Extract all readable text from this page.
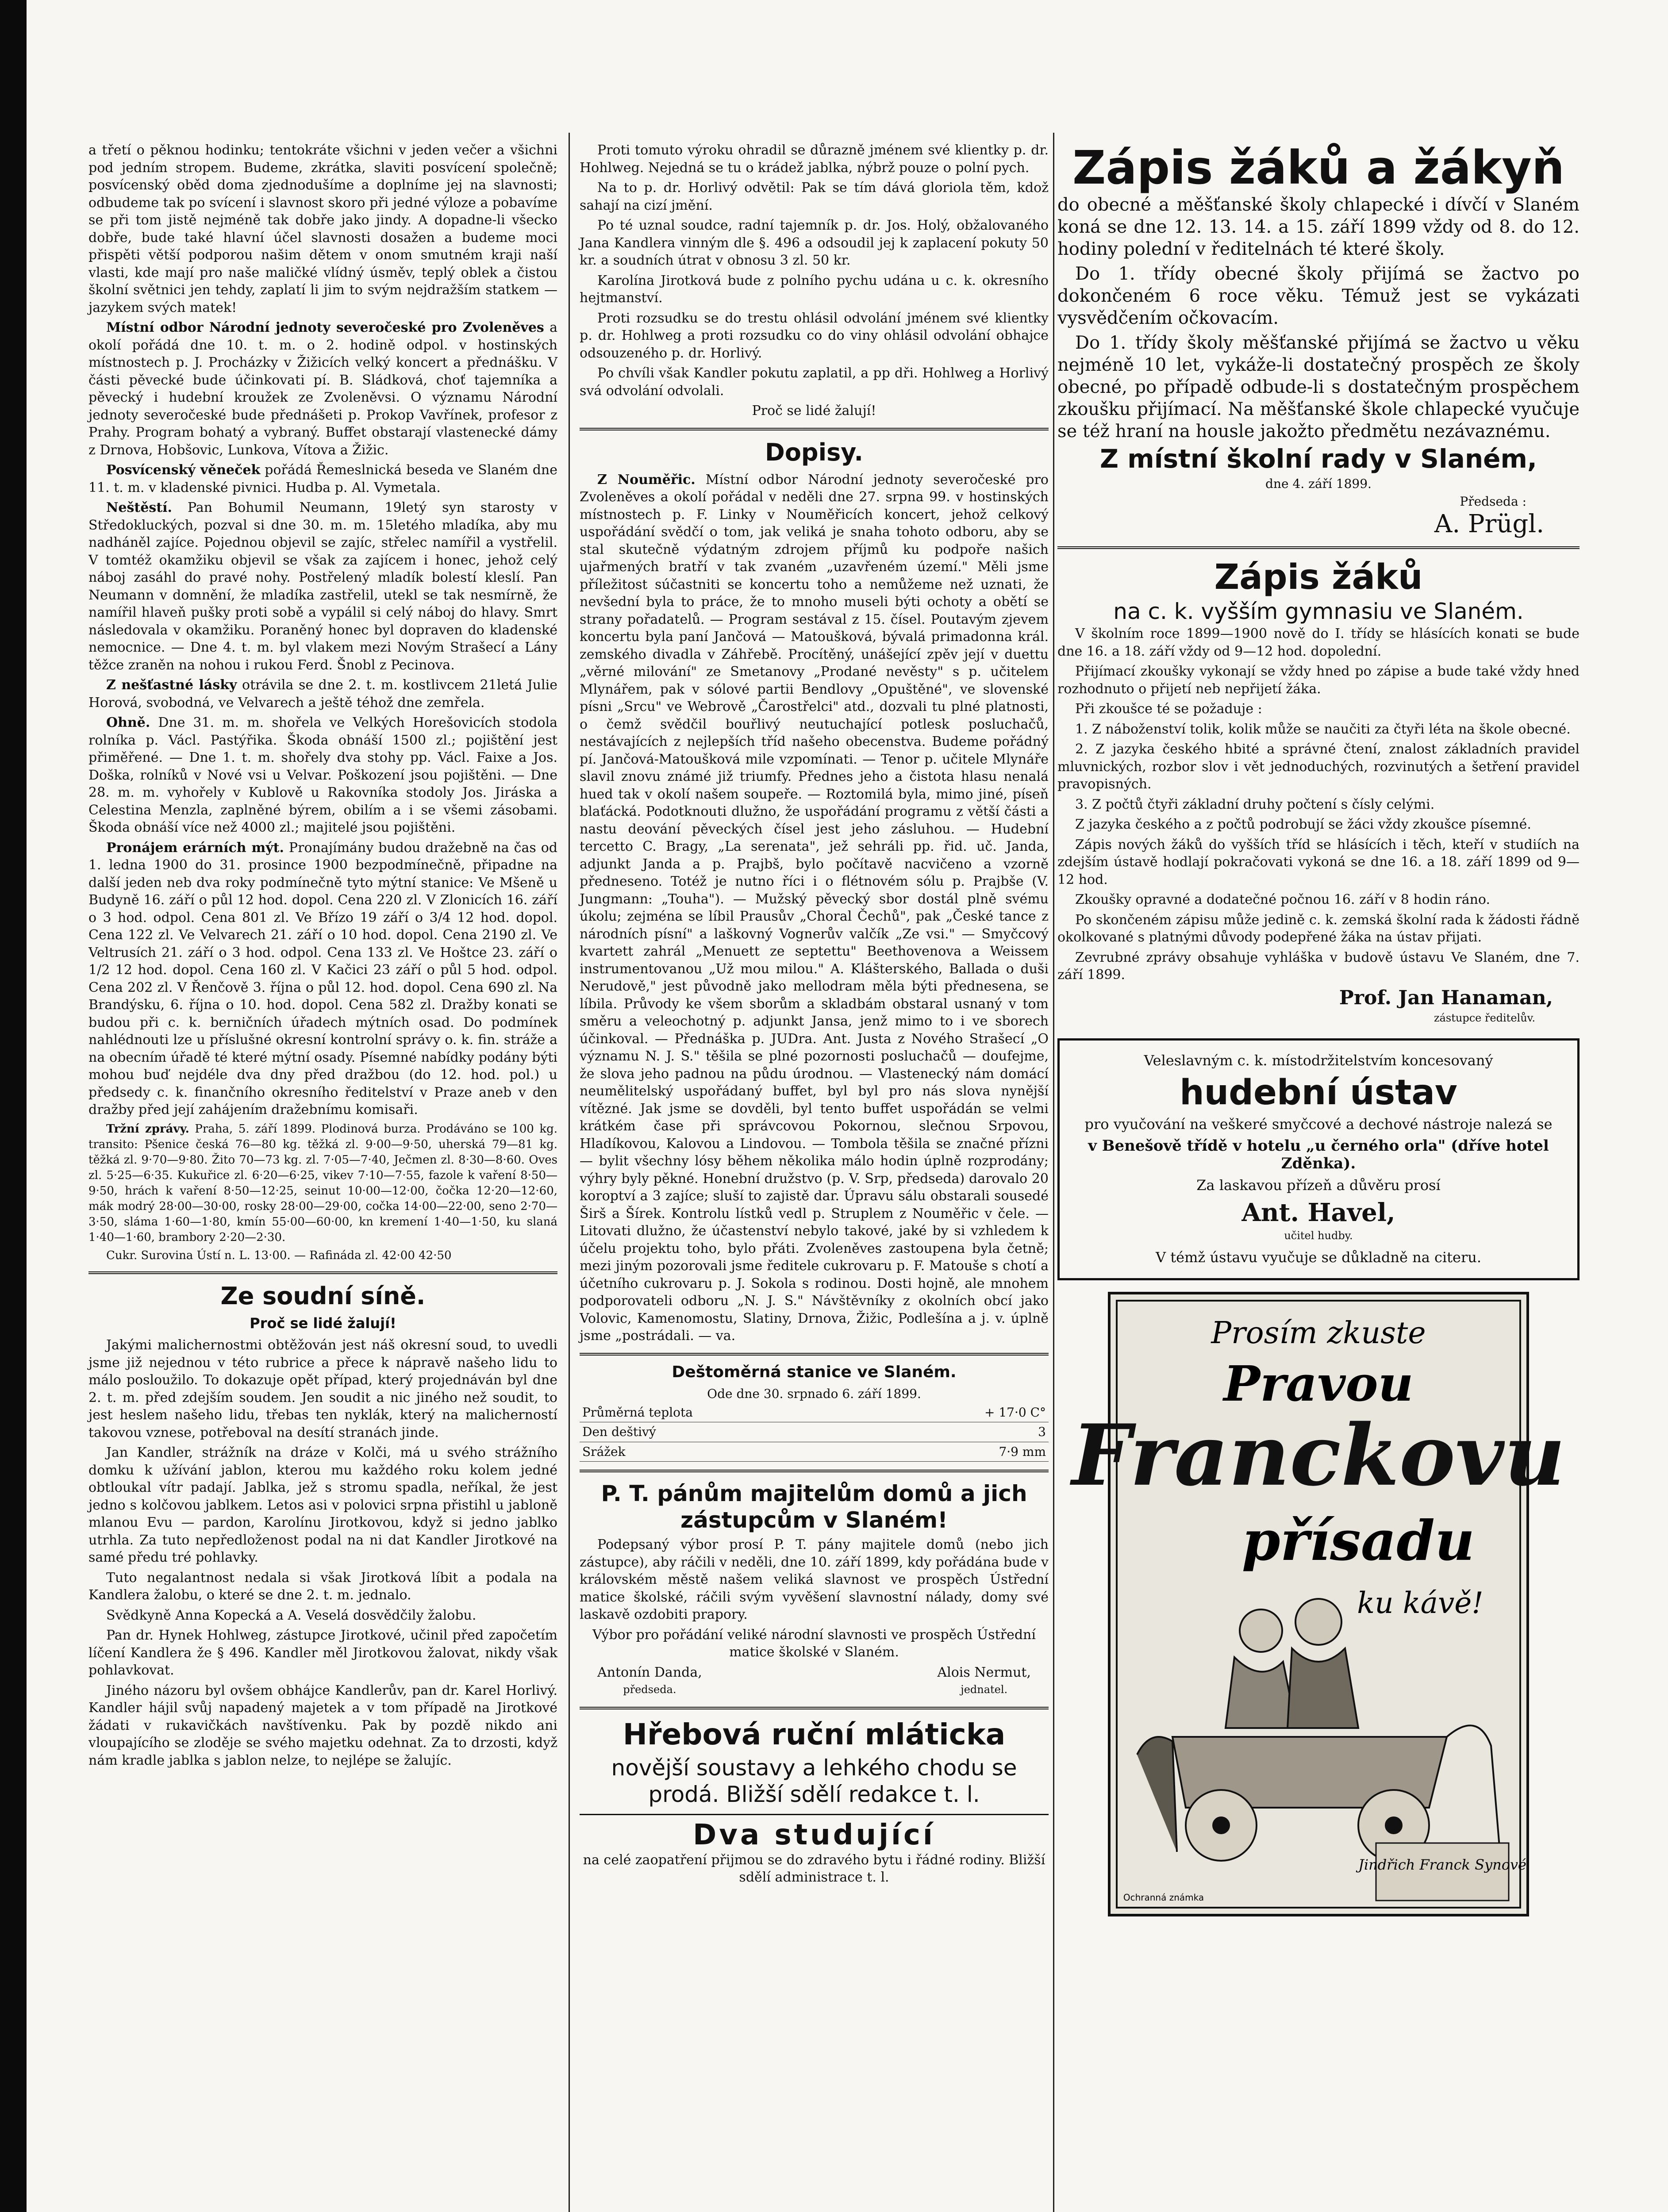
a třetí o pěknou hodinku; tentokráte všichni v jeden večer a všichni pod jedním stropem. Budeme, zkrátka, slaviti posvícení společně; posvícenský oběd doma zjednodušíme a doplníme jej na slavnosti; odbudeme tak po svícení i slavnost skoro při jedné výloze a pobavíme se při tom jistě nejméně tak dobře jako jindy. A dopadne-li všecko dobře, bude také hlavní účel slavnosti dosažen a budeme moci přispěti větší podporou našim dětem v onom smutném kraji naší vlasti, kde mají pro naše maličké vlídný úsměv, teplý oblek a čistou školní světnici jen tehdy, zaplatí li jim to svým nejdražším statkem — jazykem svých matek!

Místní odbor Národní jednoty severočeské pro Zvoleněves a okolí pořádá dne 10. t. m. o 2. hodině odpol. v hostinských místnostech p. J. Procházky v Žižicích velký koncert a přednášku. V části pěvecké bude účinkovati pí. B. Sládková, choť tajemníka a pěvecký i hudební kroužek ze Zvoleněvsi. O významu Národní jednoty severočeské bude přednášeti p. Prokop Vavřínek, profesor z Prahy. Program bohatý a vybraný. Buffet obstarají vlastenecké dámy z Drnova, Hobšovic, Lunkova, Vítova a Žižic.

Posvícenský věneček pořádá Řemeslnická beseda ve Slaném dne 11. t. m. v kladenské pivnici. Hudba p. Al. Vymetala.

Neštěstí. Pan Bohumil Neumann, 19letý syn starosty v Středokluckých, pozval si dne 30. m. m. 15letého mladíka, aby mu nadháněl zajíce. Pojednou objevil se zajíc, střelec namířil a vystřelil. V tomtéž okamžiku objevil se však za zajícem i honec, jehož celý náboj zasáhl do pravé nohy. Postřelený mladík bolestí kleslí. Pan Neumann v domnění, že mladíka zastřelil, utekl se tak nesmírně, že namířil hlaveň pušky proti sobě a vypálil si celý náboj do hlavy. Smrt následovala v okamžiku. Poraněný honec byl dopraven do kladenské nemocnice. — Dne 4. t. m. byl vlakem mezi Novým Strašecí a Lány těžce zraněn na nohou i rukou Ferd. Šnobl z Pecinova.

Z nešťastné lásky otrávila se dne 2. t. m. kostlivcem 21letá Julie Horová, svobodná, ve Velvarech a ještě téhož dne zemřela.

Ohně. Dne 31. m. m. shořela ve Velkých Horešovicích stodola rolníka p. Václ. Pastýřika. Škoda obnáší 1500 zl.; pojištění jest přiměřené. — Dne 1. t. m. shořely dva stohy pp. Václ. Faixe a Jos. Doška, rolníků v Nové vsi u Velvar. Poškození jsou pojištěni. — Dne 28. m. m. vyhořely v Kublově u Rakovníka stodoly Jos. Jiráska a Celestina Menzla, zaplněné býrem, obilím a i se všemi zásobami. Škoda obnáší více než 4000 zl.; majitelé jsou pojištěni.

Pronájem erárních mýt. Pronajímány budou dražebně na čas od 1. ledna 1900 do 31. prosince 1900 bezpodmínečně, připadne na další jeden neb dva roky podmínečně tyto mýtní stanice: Ve Mšeně u Budyně 16. září o půl 12 hod. dopol. Cena 220 zl. V Zlonicích 16. září o 3 hod. odpol. Cena 801 zl. Ve Břízo 19 září o 3/4 12 hod. dopol. Cena 122 zl. Ve Velvarech 21. září o 10 hod. dopol. Cena 2190 zl. Ve Veltrusích 21. září o 3 hod. odpol. Cena 133 zl. Ve Hoštce 23. září o 1/2 12 hod. dopol. Cena 160 zl. V Kačici 23 září o půl 5 hod. odpol. Cena 202 zl. V Řenčově 3. října o půl 12. hod. dopol. Cena 690 zl. Na Brandýsku, 6. října o 10. hod. dopol. Cena 582 zl. Dražby konati se budou při c. k. berničních úřadech mýtních osad. Do podmínek nahlédnouti lze u příslušné okresní kontrolní správy o. k. fin. stráže a na obecním úřadě té které mýtní osady. Písemné nabídky podány býti mohou buď nejdéle dva dny před dražbou (do 12. hod. pol.) u předsedy c. k. finančního okresního ředitelství v Praze aneb v den dražby před její zahájením dražebnímu komisaři.

Tržní zprávy. Praha, 5. září 1899. Plodinová burza. Prodáváno se 100 kg. transito: Pšenice česká 76—80 kg. těžká zl. 9·00—9·50, uherská 79—81 kg. těžká zl. 9·70—9·80. Žito 70—73 kg. zl. 7·05—7·40, Ječmen zl. 8·30—8·60. Oves zl. 5·25—6·35. Kukuřice zl. 6·20—6·25, vikev 7·10—7·55, fazole k vaření 8·50—9·50, hrách k vaření 8·50—12·25, seinut 10·00—12·00, čočka 12·20—12·60, mák modrý 28·00—30·00, rosky 28·00—29·00, cočka 14·00—22·00, seno 2·70—3·50, sláma 1·60—1·80, kmín 55·00—60·00, kn kremení 1·40—1·50, ku slaná 1·40—1·60, brambory 2·20—2·30.

Cukr. Surovina Ústí n. L. 13·00. — Rafináda zl. 42·00 42·50

Ze soudní síně.
Proč se lidé žalují!

Jakými malichernostmi obtěžován jest náš okresní soud, to uvedli jsme již nejednou v této rubrice a přece k nápravě našeho lidu to málo posloužilo. To dokazuje opět případ, který projednáván byl dne 2. t. m. před zdejším soudem. Jen soudit a nic jiného než soudit, to jest heslem našeho lidu, třebas ten nyklák, který na malicherností takovou vznese, potřeboval na desítí stranách jinde.

Jan Kandler, strážník na dráze v Kolči, má u svého strážního domku k užívání jablon, kterou mu každého roku kolem jedné obtloukal vítr padají. Jablka, jež s stromu spadla, neříkal, že jest jedno s kolčovou jablkem. Letos asi v polovici srpna přistihl u jabloně mlanou Evu — pardon, Karolínu Jirotkovou, když si jedno jablko utrhla. Za tuto nepředloženost podal na ni dat Kandler Jirotkové na samé předu tré pohlavky.

Tuto negalantnost nedala si však Jirotková líbit a podala na Kandlera žalobu, o které se dne 2. t. m. jednalo.

Svědkyně Anna Kopecká a A. Veselá dosvědčily žalobu.

Pan dr. Hynek Hohlweg, zástupce Jirotkové, učinil před započetím líčení Kandlera že § 496. Kandler měl Jirotkovou žalovat, nikdy však pohlavkovat.

Jiného názoru byl ovšem obhájce Kandlerův, pan dr. Karel Horlivý. Kandler hájil svůj napadený majetek a v tom případě na Jirotkové žádati v rukavičkách navštívenku. Pak by pozdě nikdo ani vloupajícího se zloděje se svého majetku odehnat. Za to drzosti, když nám kradle jablka s jablon nelze, to nejlépe se žalujíc.

Proti tomuto výroku ohradil se důrazně jménem své klientky p. dr. Hohlweg. Nejedná se tu o krádež jablka, nýbrž pouze o polní pych.

Na to p. dr. Horlivý odvětil: Pak se tím dává gloriola těm, kdož sahají na cizí jmění.

Po té uznal soudce, radní tajemník p. dr. Jos. Holý, obžalovaného Jana Kandlera vinným dle §. 496 a odsoudil jej k zaplacení pokuty 50 kr. a soudních útrat v obnosu 3 zl. 50 kr.

Karolína Jirotková bude z polního pychu udána u c. k. okresního hejtmanství.

Proti rozsudku se do trestu ohlásil odvolání jménem své klientky p. dr. Hohlweg a proti rozsudku co do viny ohlásil odvolání obhajce odsouzeného p. dr. Horlivý.

Po chvíli však Kandler pokutu zaplatil, a pp dři. Hohlweg a Horlivý svá odvolání odvolali.

Proč se lidé žalují!

Dopisy.

Z Nouměřic. Místní odbor Národní jednoty severočeské pro Zvoleněves a okolí pořádal v neděli dne 27. srpna 99. v hostinských místnostech p. F. Linky v Nouměřicích koncert, jehož celkový uspořádání svědčí o tom, jak veliká je snaha tohoto odboru, aby se stal skutečně výdatným zdrojem příjmů ku podpoře našich ujařmených bratří v tak zvaném „uzavřeném území." Měli jsme příležitost súčastniti se koncertu toho a nemůžeme než uznati, že nevšední byla to práce, že to mnoho museli býti ochoty a obětí se strany pořadatelů. — Program sestával z 15. čísel. Poutavým zjevem koncertu byla paní Jančová — Matoušková, bývalá primadonna král. zemského divadla v Záhřebě. Procítěný, unášející zpěv její v duettu „věrné milování" ze Smetanovy „Prodané nevěsty" s p. učitelem Mlynářem, pak v sólové partii Bendlovy „Opuštěné", ve slovenské písni „Srcu" ve Webrově „Čarostřelci" atd., dozvali tu plné platnosti, o čemž svědčil bouřlivý neutuchající potlesk posluchačů, nestávajících z nejlepších tříd našeho obecenstva. Budeme pořádný pí. Jančová-Matoušková mile vzpomínati. — Tenor p. učitele Mlynáře slavil znovu známé již triumfy. Přednes jeho a čistota hlasu nenalá hued tak v okolí našem soupeře. — Roztomilá byla, mimo jiné, píseň blaťácká. Podotknouti dlužno, že uspořádání programu z větší části a nastu deování pěveckých čísel jest jeho zásluhou. — Hudební tercetto C. Bragy, „La serenata", jež sehráli pp. řid. uč. Janda, adjunkt Janda a p. Prajbš, bylo počítavě nacvičeno a vzorně předneseno. Totéž je nutno říci i o flétnovém sólu p. Prajbše (V. Jungmann: „Touha"). — Mužský pěvecký sbor dostál plně svému úkolu; zejména se líbil Prausův „Choral Čechů", pak „České tance z národních písní" a laškovný Vognerův valčík „Ze vsi." — Smyčcový kvartett zahrál „Menuett ze septettu" Beethovenova a Weissem instrumentovanou „Už mou milou." A. Klášterského, Ballada o duši Nerudově," jest původně jako mellodram měla býti přednesena, se líbila. Průvody ke všem sborům a skladbám obstaral usnaný v tom směru a veleochotný p. adjunkt Jansa, jenž mimo to i ve sborech účinkoval. — Přednáška p. JUDra. Ant. Justa z Nového Strašecí „O významu N. J. S." těšila se plné pozornosti posluchačů — doufejme, že slova jeho padnou na půdu úrodnou. — Vlastenecký nám domácí neumělitelský uspořádaný buffet, byl byl pro nás slova nynější vítězné. Jak jsme se dovděli, byl tento buffet uspořádán se velmi krátkém čase při správcovou Pokornou, slečnou Srpovou, Hladíkovou, Kalovou a Lindovou. — Tombola těšila se značné přízni — bylit všechny lósy během několika málo hodin úplně rozprodány; výhry byly pěkné. Honební družstvo (p. V. Srp, předseda) darovalo 20 koroptví a 3 zajíce; sluší to zajistě dar. Úpravu sálu obstarali sousedé Širš a Šírek. Kontrolu lístků vedl p. Struplem z Nouměřic v čele. — Litovati dlužno, že účastenství nebylo takové, jaké by si vzhledem k účelu projektu toho, bylo přáti. Zvoleněves zastoupena byla četně; mezi jiným pozorovali jsme ředitele cukrovaru p. F. Matouše s chotí a účetního cukrovaru p. J. Sokola s rodinou. Dosti hojně, ale mnohem podporovateli odboru „N. J. S." Návštěvníky z okolních obcí jako Volovic, Kamenomostu, Slatiny, Drnova, Žižic, Podlešína a j. v. úplně jsme „postrádali. — va.

Deštoměrná stanice ve Slaném.
Ode dne 30. srpnado 6. září 1899.
Průměrná teplota	+ 17·0 C°
Den deštivý	3
Srážek	7·9 mm
P. T. pánům majitelům domů a jich zástupcům v Slaném!

Podepsaný výbor prosí P. T. pány majitele domů (nebo jich zástupce), aby ráčili v neděli, dne 10. září 1899, kdy pořádána bude v královském městě našem veliká slavnost ve prospěch Ústřední matice školské, ráčili svým vyvěšení slavnostní nálady, domy své laskavě ozdobiti prapory.

Výbor pro pořádání veliké národní slavnosti ve prospěch Ústřední matice školské v Slaném.

Antonín Danda,
předseda.
Alois Nermut,
jednatel.
Hřebová ruční mláticka
novější soustavy a lehkého chodu se prodá. Bližší sdělí redakce t. l.
Dva studující

na celé zaopatření přijmou se do zdravého bytu i řádné rodiny. Bližší sdělí administrace t. l.

Zápis žáků a žákyň

do obecné a měšťanské školy chlapecké i dívčí v Slaném koná se dne 12. 13. 14. a 15. září 1899 vždy od 8. do 12. hodiny polední v ředitelnách té které školy.

Do 1. třídy obecné školy přijímá se žactvo po dokončeném 6 roce věku. Témuž jest se vykázati vysvědčením očkovacím.

Do 1. třídy školy měšťanské přijímá se žactvo u věku nejméně 10 let, vykáže-li dostatečný prospěch ze školy obecné, po případě odbude-li s dostatečným prospěchem zkoušku přijímací. Na měšťanské škole chlapecké vyučuje se též hraní na housle jakožto předmětu nezávaznému.

Z místní školní rady v Slaném,
dne 4. září 1899.
Předseda :
A. Prügl.
Zápis žáků
na c. k. vyšším gymnasiu ve Slaném.

V školním roce 1899—1900 nově do I. třídy se hlásících konati se bude dne 16. a 18. září vždy od 9—12 hod. dopolední.

Přijímací zkoušky vykonají se vždy hned po zápise a bude také vždy hned rozhodnuto o přijetí neb nepřijetí žáka.

Při zkoušce té se požaduje :

1. Z náboženství tolik, kolik může se naučiti za čtyři léta na škole obecné.

2. Z jazyka českého hbité a správné čtení, znalost základních pravidel mluvnických, rozbor slov i vět jednoduchých, rozvinutých a šetření pravidel pravopisných.

3. Z počtů čtyři základní druhy počtení s čísly celými.

Z jazyka českého a z počtů podrobují se žáci vždy zkoušce písemné.

Zápis nových žáků do vyšších tříd se hlásících i těch, kteří v studiích na zdejším ústavě hodlají pokračovati vykoná se dne 16. a 18. září 1899 od 9—12 hod.

Zkoušky opravné a dodatečné počnou 16. září v 8 hodin ráno.

Po skončeném zápisu může jedině c. k. zemská školní rada k žádosti řádně okolkované s platnými důvody podepřené žáka na ústav přijati.

Zevrubné zprávy obsahuje vyhláška v budově ústavu Ve Slaném, dne 7. září 1899.

Prof. Jan Hanaman,
zástupce ředitelův.
Veleslavným c. k. místodržitelstvím koncesovaný
hudební ústav
pro vyučování na veškeré smyčcové a dechové nástroje nalezá se
v Benešově třídě v hotelu „u černého orla" (dříve hotel Zděnka).
Za laskavou přízeň a důvěru prosí
Ant. Havel,
učitel hudby.
V témž ústavu vyučuje se důkladně na citeru.
Prosím zkuste
Pravou
Franckovu
přísadu
ku kávě!
Jindřich Franck Synové
Ochranná známka
